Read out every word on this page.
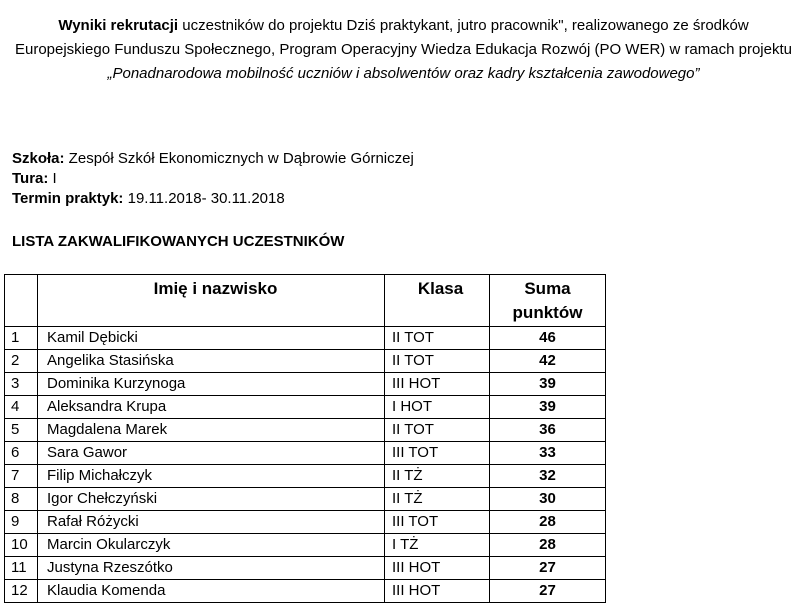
Wyniki rekrutacji uczestników do projektu Dziś praktykant, jutro pracownik", realizowanego ze środków
Europejskiego Funduszu Społecznego, Program Operacyjny Wiedza Edukacja Rozwój (PO WER) w ramach projektu
„Ponadnarodowa mobilność uczniów i absolwentów oraz kadry kształcenia zawodowego”
Szkoła: Zespół Szkół Ekonomicznych w Dąbrowie Górniczej
Tura: I
Termin praktyk: 19.11.2018- 30.11.2018
LISTA ZAKWALIFIKOWANYCH UCZESTNIKÓW
	Imię i nazwisko	Klasa	Suma punktów
1	Kamil Dębicki	II TOT	46
2	Angelika Stasińska	II TOT	42
3	Dominika Kurzynoga	III HOT	39
4	Aleksandra Krupa	I HOT	39
5	Magdalena Marek	II TOT	36
6	Sara Gawor	III TOT	33
7	Filip Michałczyk	II TŻ	32
8	Igor Chełczyński	II TŻ	30
9	Rafał Różycki	III TOT	28
10	Marcin Okularczyk	I TŻ	28
11	Justyna Rzeszótko	III HOT	27
12	Klaudia Komenda	III HOT	27
